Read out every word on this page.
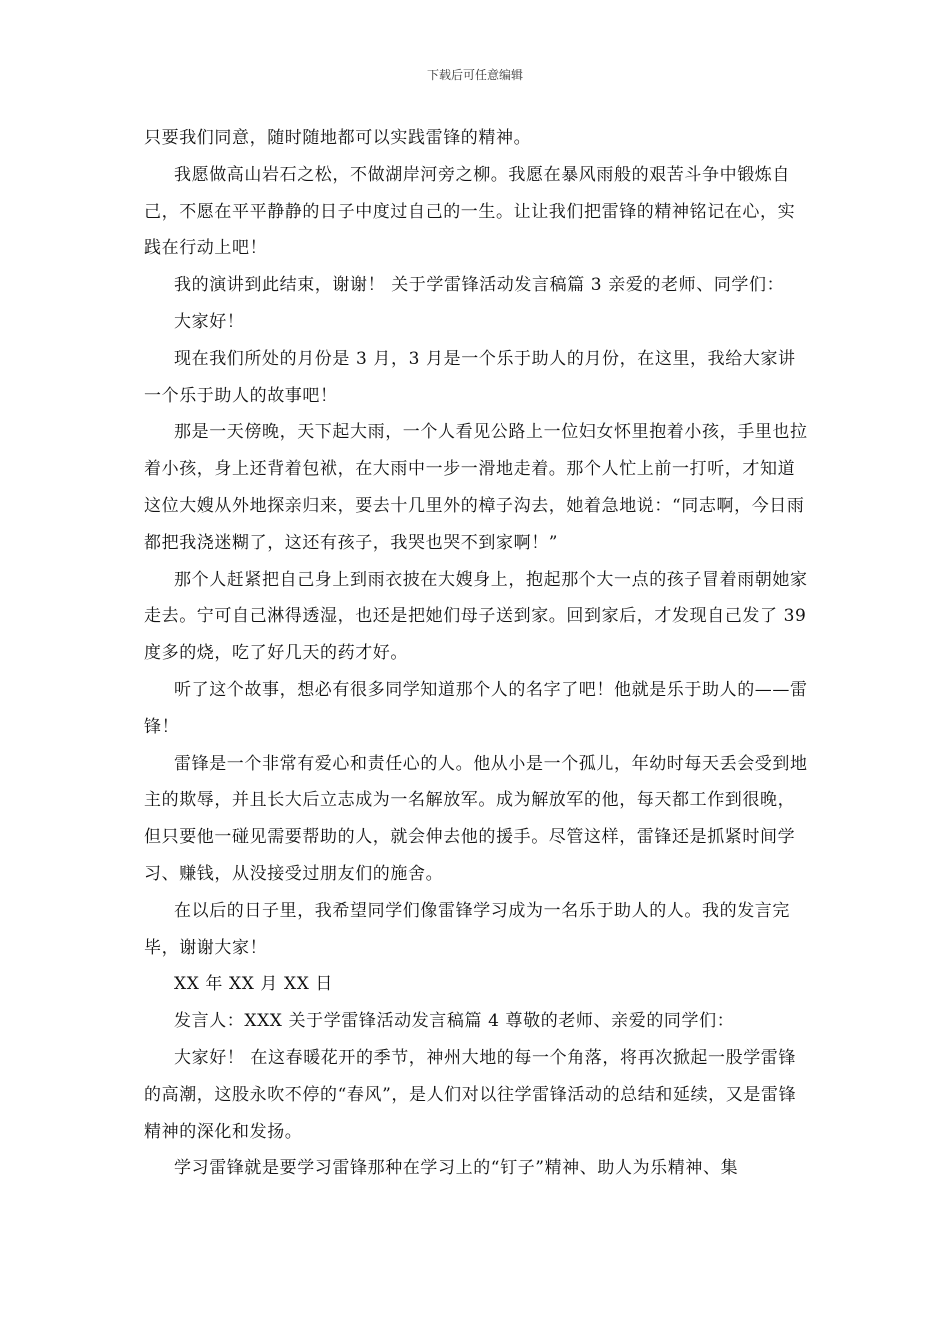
下载后可任意编辑

只要我们同意，随时随地都可以实践雷锋的精神。

我愿做高山岩石之松，不做湖岸河旁之柳。我愿在暴风雨般的艰苦斗争中锻炼自己，不愿在平平静静的日子中度过自己的一生。让让我们把雷锋的精神铭记在心，实践在行动上吧！

我的演讲到此结束，谢谢！ 关于学雷锋活动发言稿篇 3 亲爱的老师、同学们：

大家好！

现在我们所处的月份是 3 月，3 月是一个乐于助人的月份，在这里，我给大家讲一个乐于助人的故事吧！

那是一天傍晚，天下起大雨，一个人看见公路上一位妇女怀里抱着小孩，手里也拉着小孩，身上还背着包袱，在大雨中一步一滑地走着。那个人忙上前一打听，才知道这位大嫂从外地探亲归来，要去十几里外的樟子沟去，她着急地说：“同志啊，今日雨都把我浇迷糊了，这还有孩子，我哭也哭不到家啊！”

那个人赶紧把自己身上到雨衣披在大嫂身上，抱起那个大一点的孩子冒着雨朝她家走去。宁可自己淋得透湿，也还是把她们母子送到家。回到家后，才发现自己发了 39 度多的烧，吃了好几天的药才好。

听了这个故事，想必有很多同学知道那个人的名字了吧！他就是乐于助人的——雷锋！

雷锋是一个非常有爱心和责任心的人。他从小是一个孤儿，年幼时每天丢会受到地主的欺辱，并且长大后立志成为一名解放军。成为解放军的他，每天都工作到很晚，但只要他一碰见需要帮助的人，就会伸去他的援手。尽管这样，雷锋还是抓紧时间学习、赚钱，从没接受过朋友们的施舍。

在以后的日子里，我希望同学们像雷锋学习成为一名乐于助人的人。我的发言完毕，谢谢大家！

XX 年 XX 月 XX 日

发言人：XXX 关于学雷锋活动发言稿篇 4 尊敬的老师、亲爱的同学们：

大家好！ 在这春暖花开的季节，神州大地的每一个角落，将再次掀起一股学雷锋的高潮，这股永吹不停的“春风”，是人们对以往学雷锋活动的总结和延续，又是雷锋精神的深化和发扬。

学习雷锋就是要学习雷锋那种在学习上的“钉子”精神、助人为乐精神、集
